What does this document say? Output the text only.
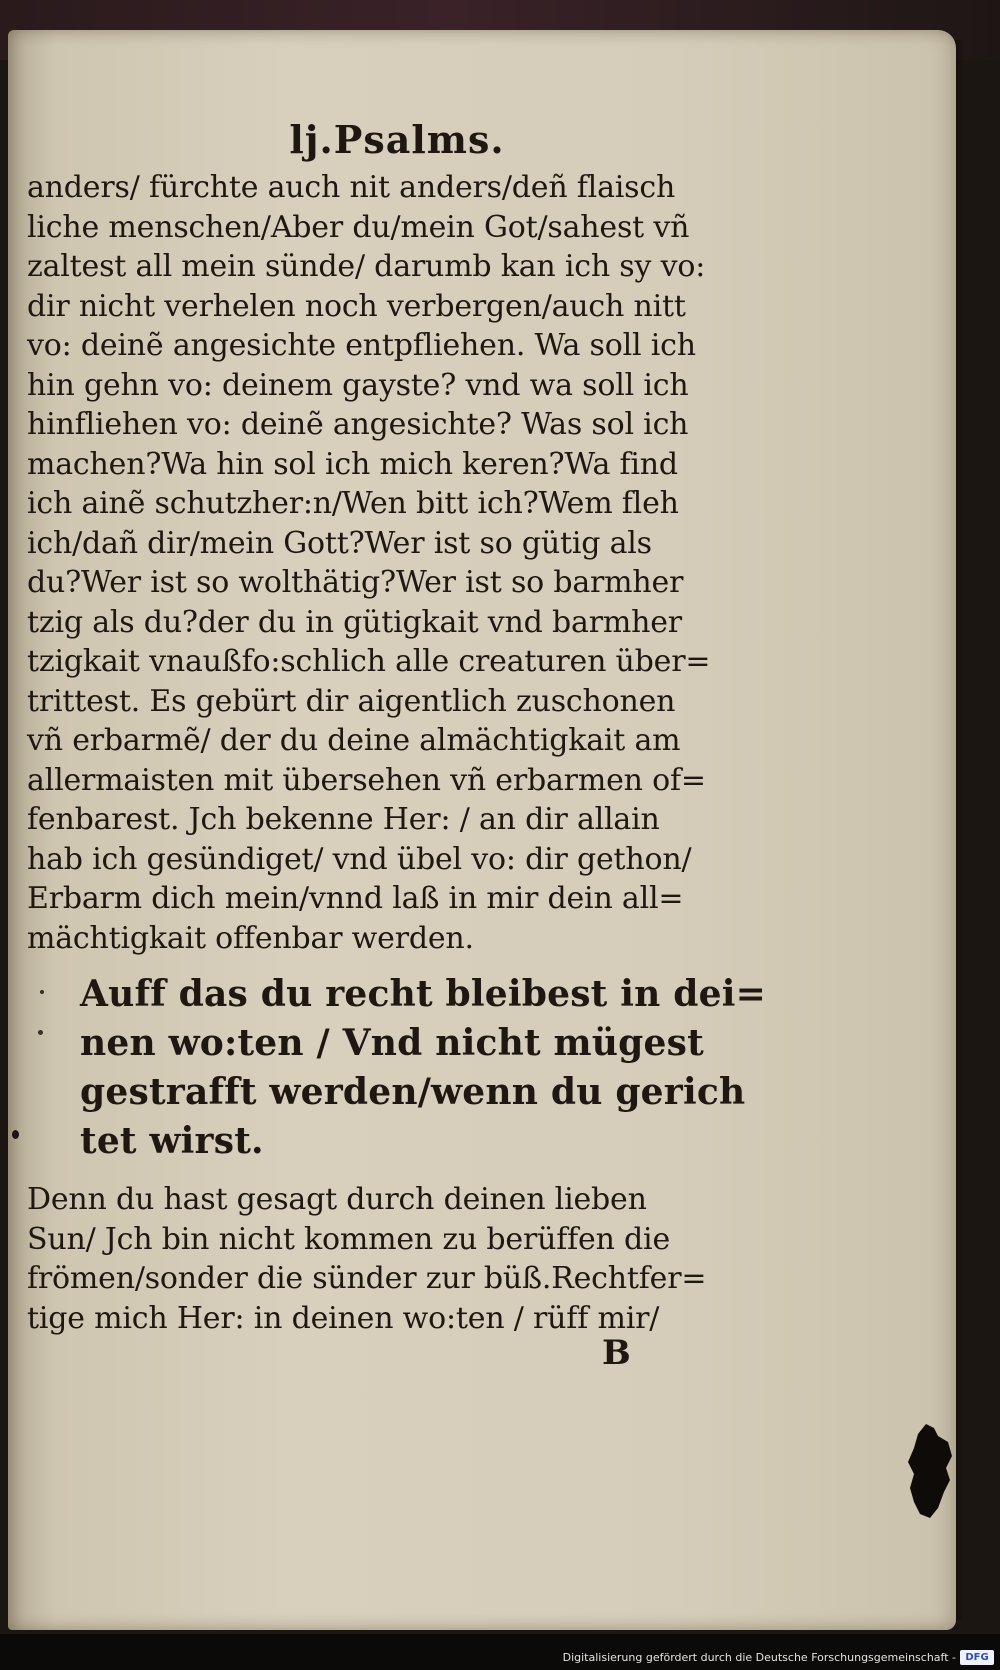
lj.Psalms.
anders/ fürchte auch nit anders/deñ flaisch
liche menschen/Aber du/mein Got/sahest vñ
zaltest all mein sünde/ darumb kan ich sy vo:
dir nicht verhelen noch verbergen/auch nitt
vo: deinẽ angesichte entpfliehen. Wa soll ich
hin gehn vo: deinem gayste? vnd wa soll ich
hinfliehen vo: deinẽ angesichte? Was sol ich
machen?Wa hin sol ich mich keren?Wa find
ich ainẽ schutzher:n/Wen bitt ich?Wem fleh
ich/dañ dir/mein Gott?Wer ist so gütig als
du?Wer ist so wolthätig?Wer ist so barmher
tzig als du?der du in gütigkait vnd barmher
tzigkait vnaußfo:schlich alle creaturen über=
trittest. Es gebürt dir aigentlich zuschonen
vñ erbarmẽ/ der du deine almächtigkait am
allermaisten mit übersehen vñ erbarmen of=
fenbarest. Jch bekenne Her: / an dir allain
hab ich gesündiget/ vnd übel vo: dir gethon/
Erbarm dich mein/vnnd laß in mir dein all=
mächtigkait offenbar werden.
Auff das du recht bleibest in dei=
nen wo:ten / Vnd nicht mügest
gestrafft werden/wenn du gerich
tet wirst.
Denn du hast gesagt durch deinen lieben
Sun/ Jch bin nicht kommen zu berüffen die
frömen/sonder die sünder zur büß.Rechtfer=
tige mich Her: in deinen wo:ten / rüff mir/
B
Digitalisierung gefördert durch die Deutsche Forschungsgemeinschaft - DFG
